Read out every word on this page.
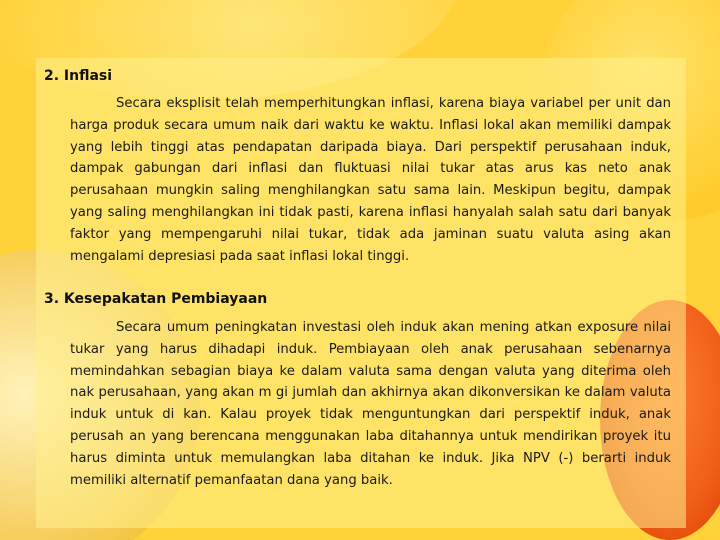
2. Inflasi

Secara eksplisit telah memperhitungkan inflasi, karena biaya variabel per unit dan harga produk secara umum naik dari waktu ke waktu. Inflasi lokal akan memiliki dampak yang lebih tinggi atas pendapatan daripada biaya. Dari perspektif perusahaan induk, dampak gabungan dari inflasi dan fluktuasi nilai tukar atas arus kas neto anak perusahaan mungkin saling menghilangkan satu sama lain. Meskipun begitu, dampak yang saling menghilangkan ini tidak pasti, karena inflasi hanyalah salah satu dari banyak faktor yang mempengaruhi nilai tukar, tidak ada jaminan suatu valuta asing akan mengalami depresiasi pada saat inflasi lokal tinggi.

3. Kesepakatan Pembiayaan

Secara umum peningkatan investasi oleh induk akan mening atkan exposure nilai tukar yang harus dihadapi induk. Pembiayaan oleh anak perusahaan sebenarnya memindahkan sebagian biaya ke dalam valuta sama dengan valuta yang diterima oleh nak perusahaan, yang akan m gi jumlah dan akhirnya akan dikonversikan ke dalam valuta induk untuk di kan. Kalau proyek tidak menguntungkan dari perspektif induk, anak perusah an yang berencana menggunakan laba ditahannya untuk mendirikan proyek itu harus diminta untuk memulangkan laba ditahan ke induk. Jika NPV (-) berarti induk memiliki alternatif pemanfaatan dana yang baik.
